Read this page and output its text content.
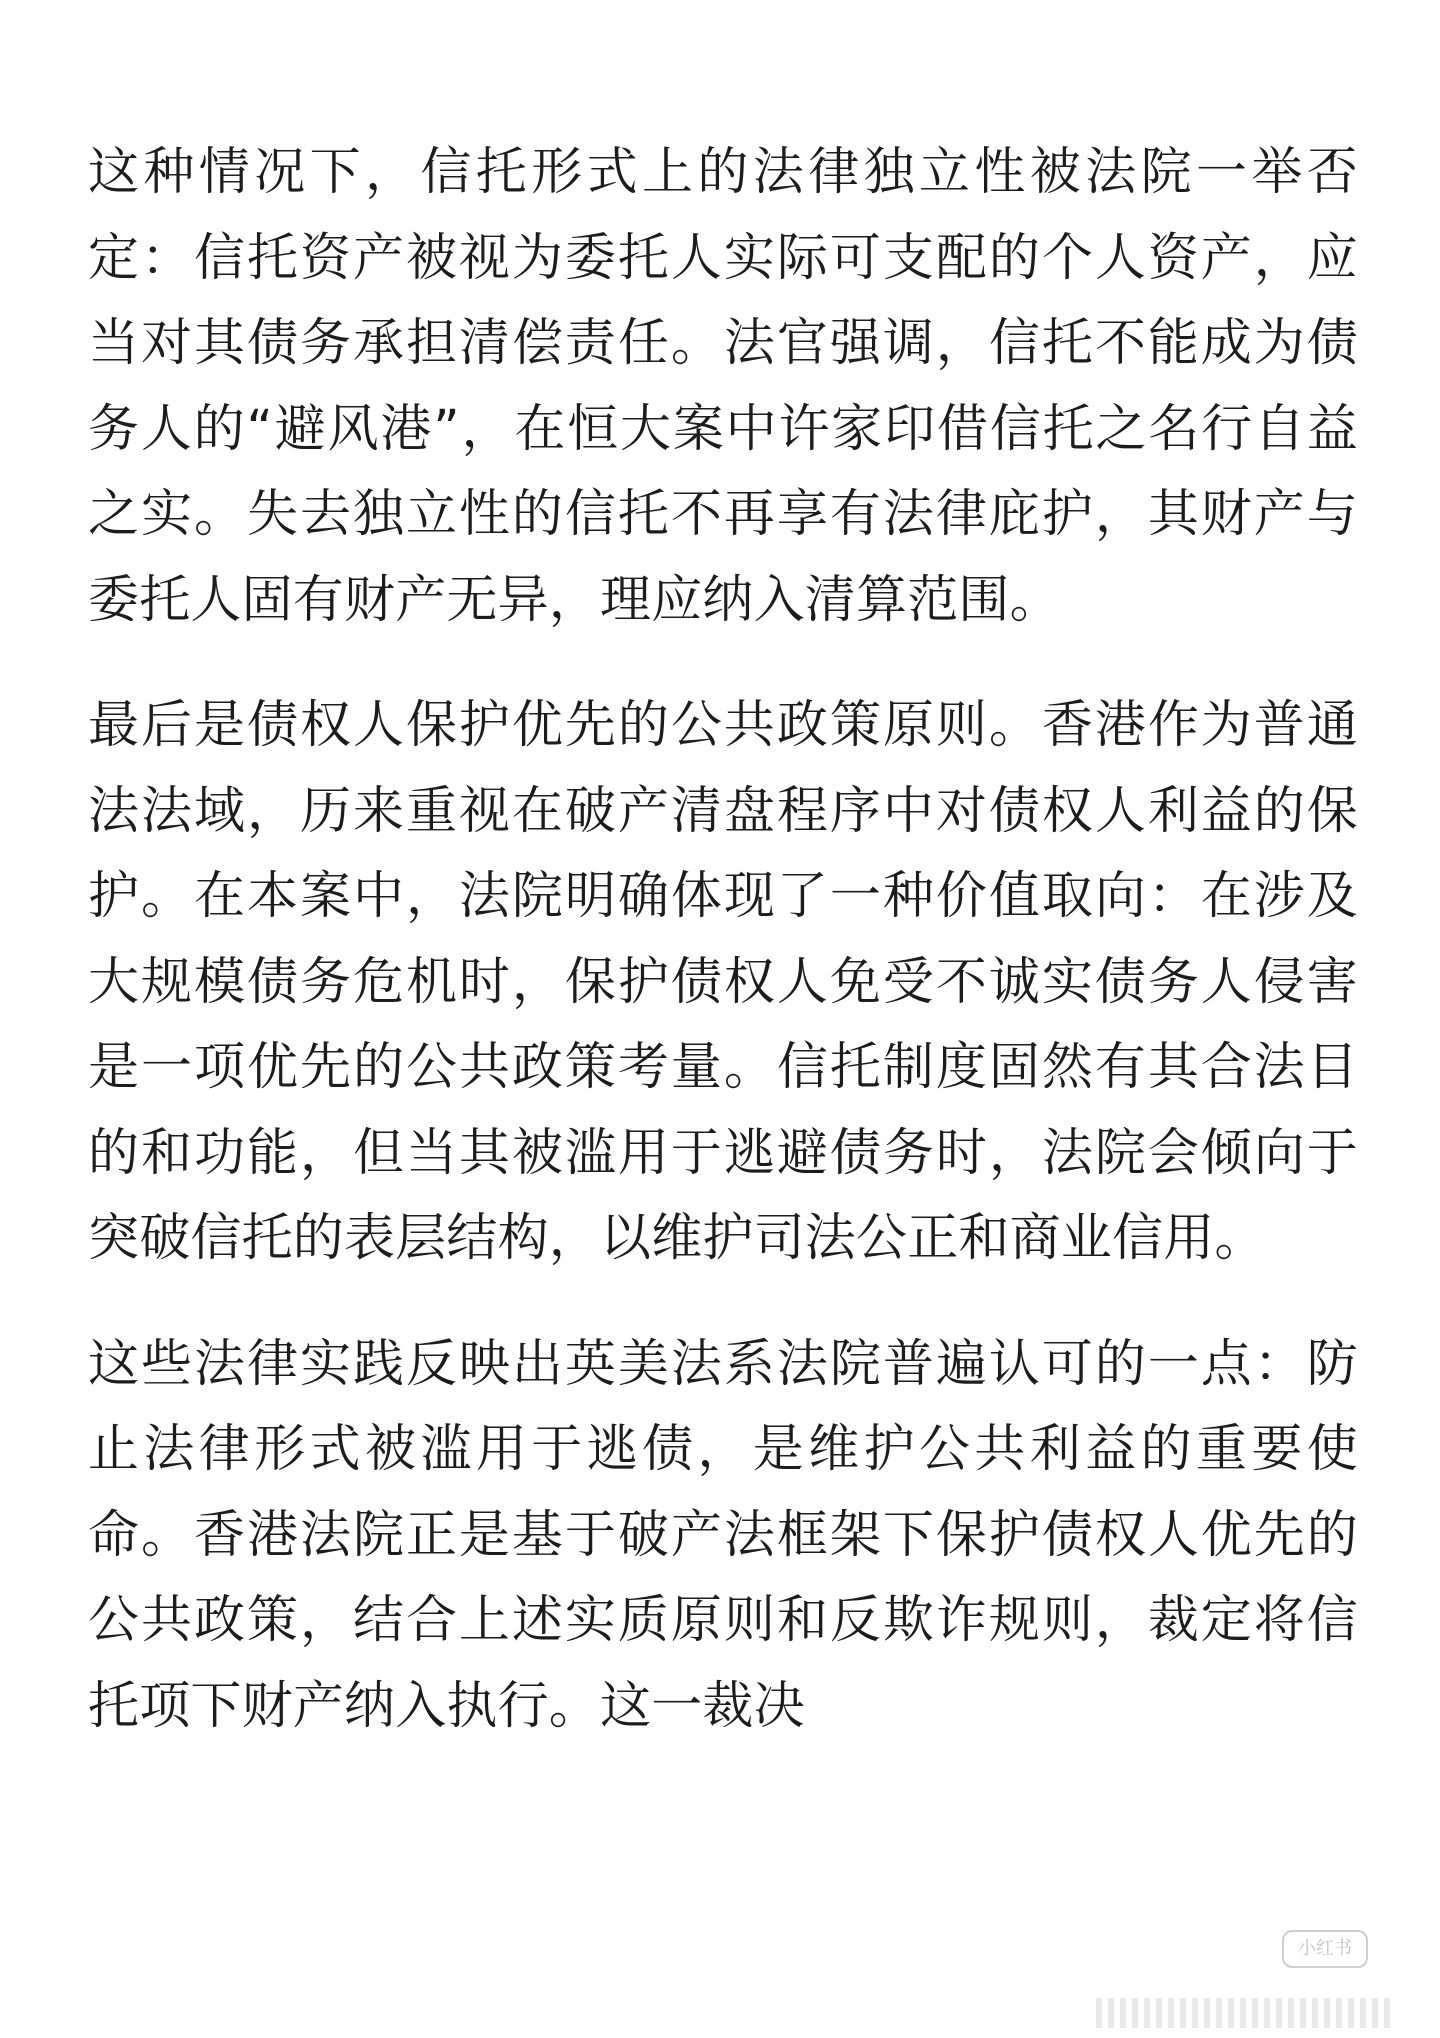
这种情况下，信托形式上的法律独立性被法院一举否定：信托资产被视为委托人实际可支配的个人资产，应当对其债务承担清偿责任。法官强调，信托不能成为债务人的“避风港”，在恒大案中许家印借信托之名行自益之实。失去独立性的信托不再享有法律庇护，其财产与委托人固有财产无异，理应纳入清算范围。

最后是债权人保护优先的公共政策原则。香港作为普通法法域，历来重视在破产清盘程序中对债权人利益的保护。在本案中，法院明确体现了一种价值取向：在涉及大规模债务危机时，保护债权人免受不诚实债务人侵害是一项优先的公共政策考量。信托制度固然有其合法目的和功能，但当其被滥用于逃避债务时，法院会倾向于突破信托的表层结构，以维护司法公正和商业信用。

这些法律实践反映出英美法系法院普遍认可的一点：防止法律形式被滥用于逃债，是维护公共利益的重要使命。香港法院正是基于破产法框架下保护债权人优先的公共政策，结合上述实质原则和反欺诈规则，裁定将信托项下财产纳入执行。这一裁决

小红书
